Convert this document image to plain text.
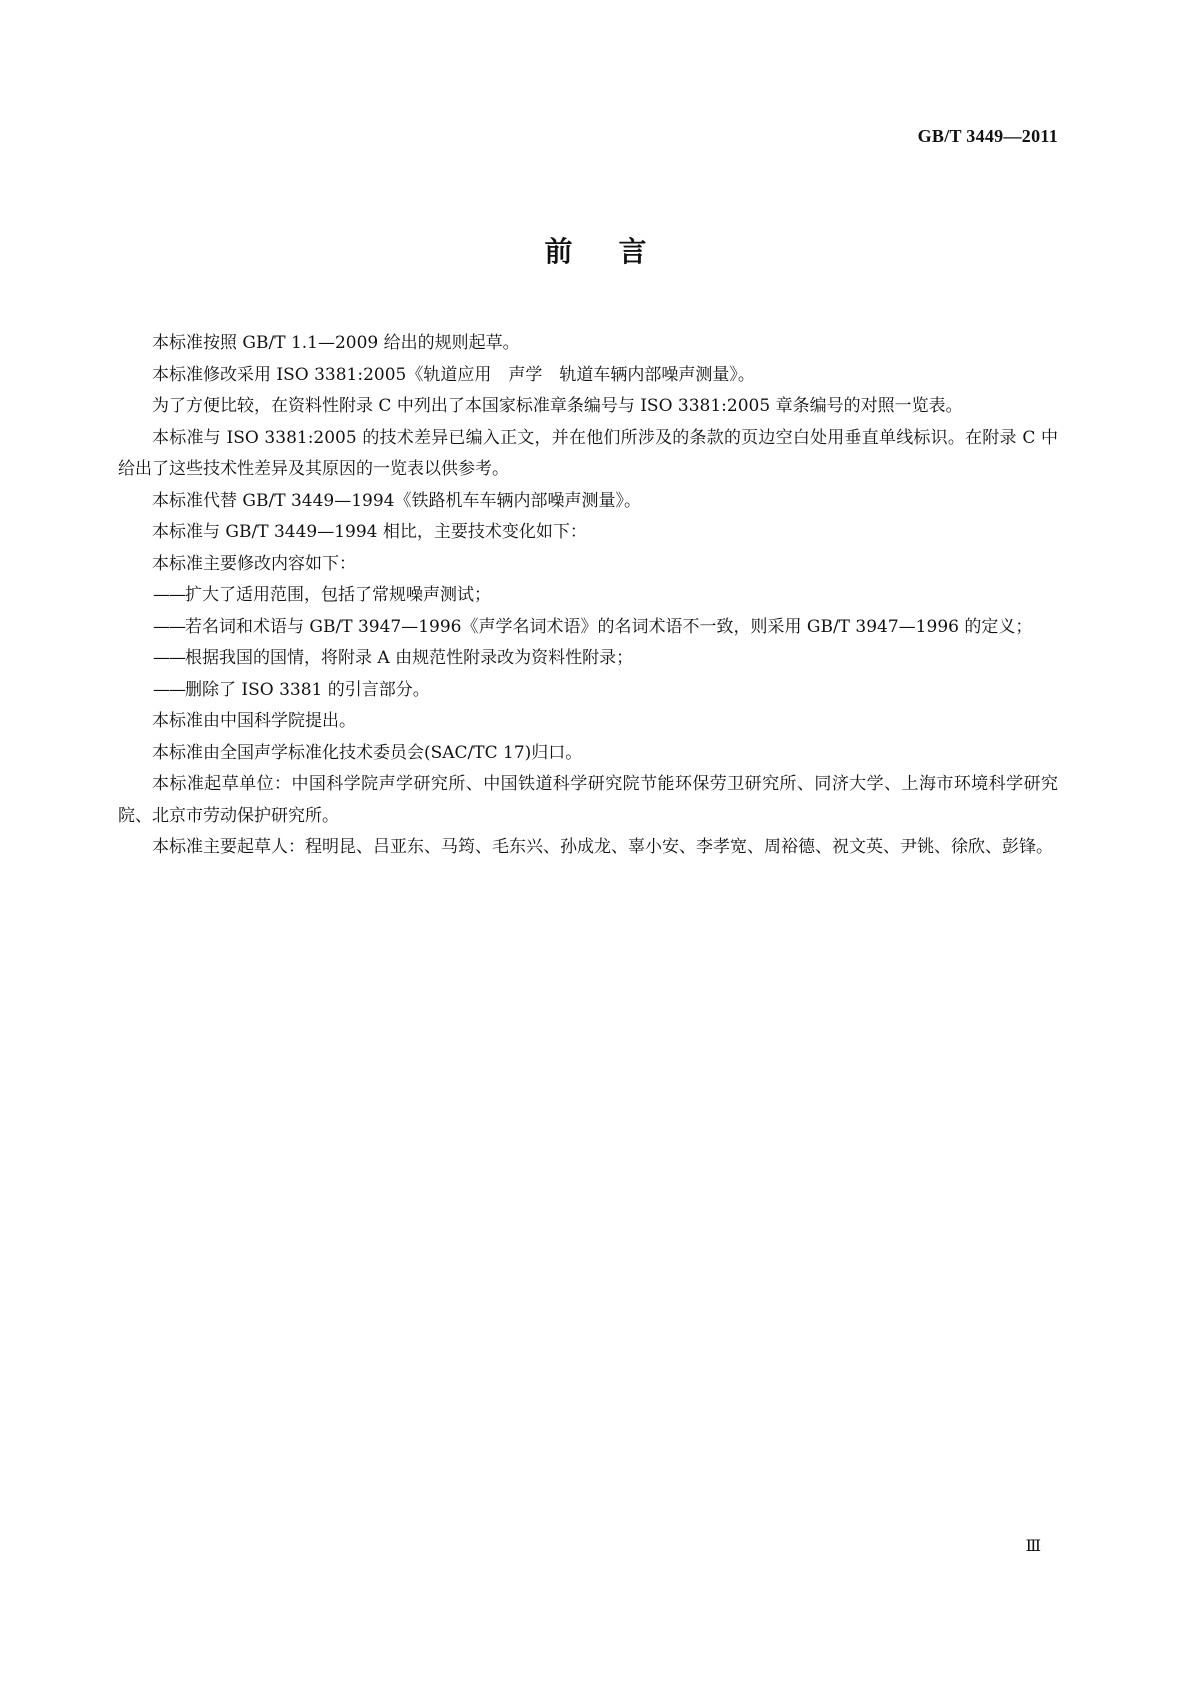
GB/T 3449—2011
前言

本标准按照 GB/T 1.1—2009 给出的规则起草。

本标准修改采用 ISO 3381:2005《轨道应用　声学　轨道车辆内部噪声测量》。

为了方便比较，在资料性附录 C 中列出了本国家标准章条编号与 ISO 3381:2005 章条编号的对照一览表。

本标准与 ISO 3381:2005 的技术差异已编入正文，并在他们所涉及的条款的页边空白处用垂直单线标识。在附录 C 中给出了这些技术性差异及其原因的一览表以供参考。

本标准代替 GB/T 3449—1994《铁路机车车辆内部噪声测量》。

本标准与 GB/T 3449—1994 相比，主要技术变化如下：

本标准主要修改内容如下：

——扩大了适用范围，包括了常规噪声测试；

——若名词和术语与 GB/T 3947—1996《声学名词术语》的名词术语不一致，则采用 GB/T 3947—1996 的定义；

——根据我国的国情，将附录 A 由规范性附录改为资料性附录；

——删除了 ISO 3381 的引言部分。

本标准由中国科学院提出。

本标准由全国声学标准化技术委员会(SAC/TC 17)归口。

本标准起草单位：中国科学院声学研究所、中国铁道科学研究院节能环保劳卫研究所、同济大学、上海市环境科学研究院、北京市劳动保护研究所。

本标准主要起草人：程明昆、吕亚东、马筠、毛东兴、孙成龙、辜小安、李孝宽、周裕德、祝文英、尹铫、徐欣、彭锋。

Ⅲ
